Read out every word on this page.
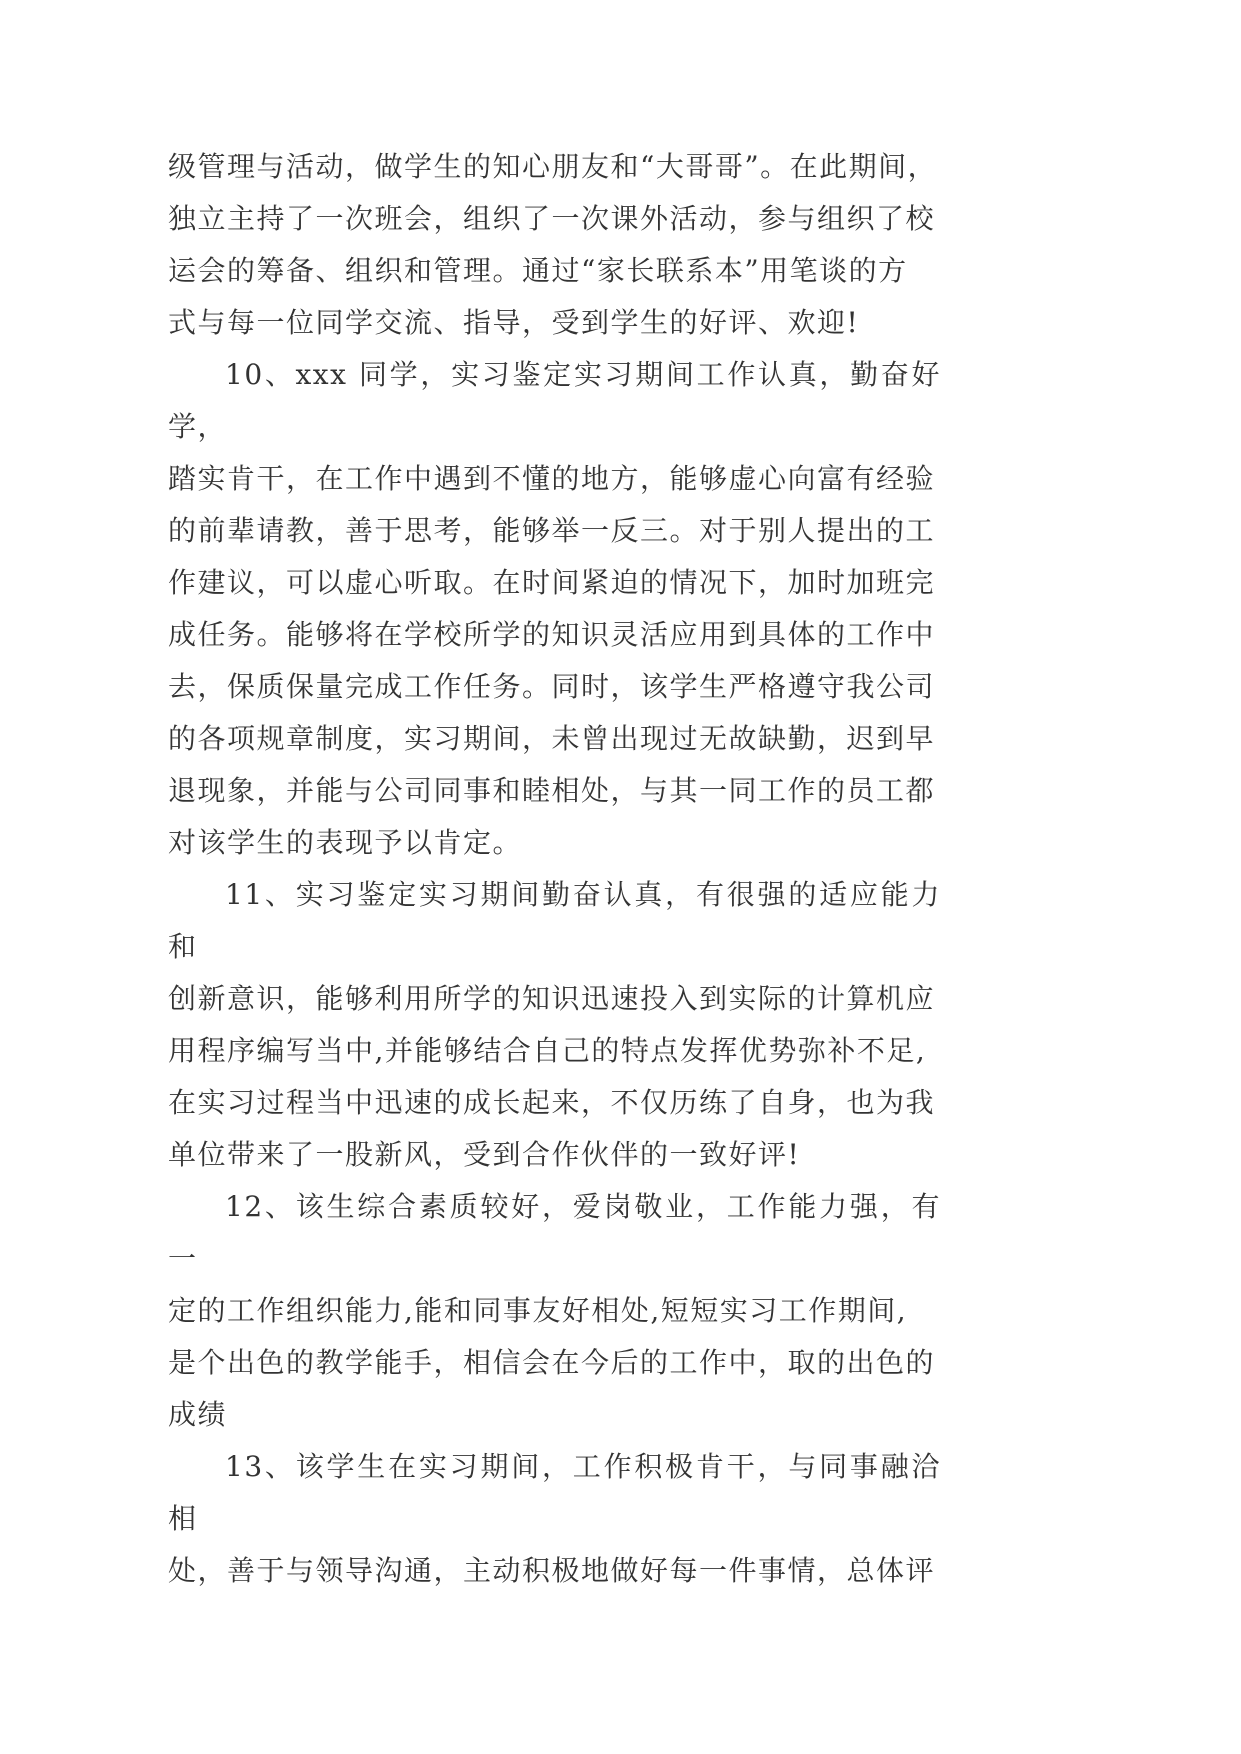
级管理与活动，做学生的知心朋友和“大哥哥”。在此期间，
独立主持了一次班会，组织了一次课外活动，参与组织了校
运会的筹备、组织和管理。通过“家长联系本”用笔谈的方
式与每一位同学交流、指导，受到学生的好评、欢迎!

10、xxx 同学，实习鉴定实习期间工作认真，勤奋好学，
踏实肯干，在工作中遇到不懂的地方，能够虚心向富有经验
的前辈请教，善于思考，能够举一反三。对于别人提出的工
作建议，可以虚心听取。在时间紧迫的情况下，加时加班完
成任务。能够将在学校所学的知识灵活应用到具体的工作中
去，保质保量完成工作任务。同时，该学生严格遵守我公司
的各项规章制度，实习期间，未曾出现过无故缺勤，迟到早
退现象，并能与公司同事和睦相处，与其一同工作的员工都
对该学生的表现予以肯定。

11、实习鉴定实习期间勤奋认真，有很强的适应能力和
创新意识，能够利用所学的知识迅速投入到实际的计算机应
用程序编写当中,并能够结合自己的特点发挥优势弥补不足,
在实习过程当中迅速的成长起来，不仅历练了自身，也为我
单位带来了一股新风，受到合作伙伴的一致好评!

12、该生综合素质较好，爱岗敬业，工作能力强，有一
定的工作组织能力,能和同事友好相处,短短实习工作期间,
是个出色的教学能手，相信会在今后的工作中，取的出色的
成绩

13、该学生在实习期间，工作积极肯干，与同事融洽相
处，善于与领导沟通，主动积极地做好每一件事情，总体评
